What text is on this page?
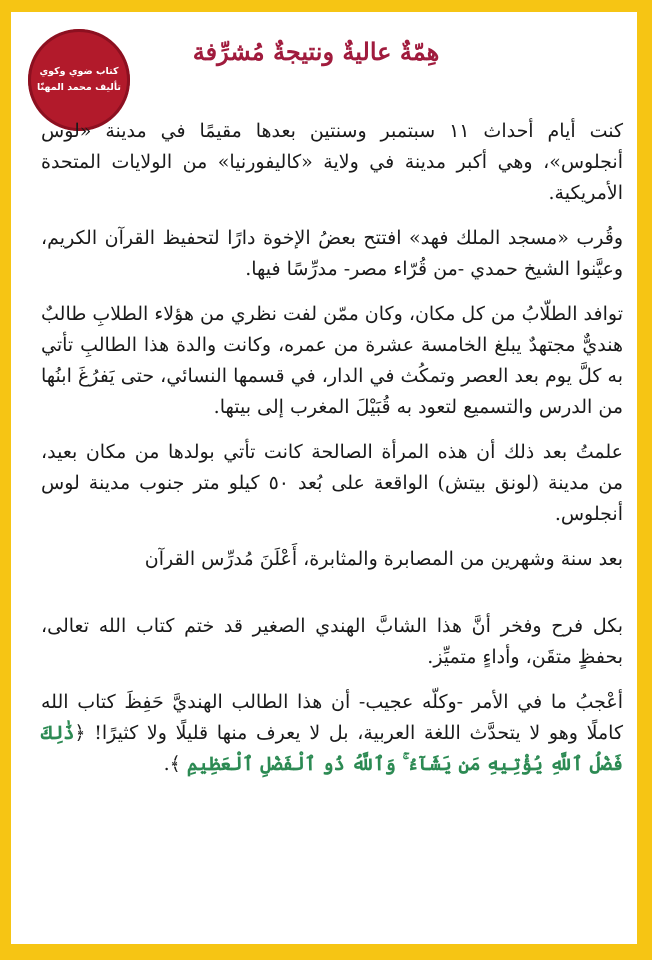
كتاب ضوي وكوي
تأليف محمد المهنّا
هِمّةٌ عاليةٌ ونتيجةٌ مُشرِّفة

كنت أيام أحداث ١١ سبتمبر وسنتين بعدها مقيمًا في مدينة «لوس أنجلوس»، وهي أكبر مدينة في ولاية «كاليفورنيا» من الولايات المتحدة الأمريكية.

وقُرب «مسجد الملك فهد» افتتح بعضُ الإخوة دارًا لتحفيظ القرآن الكريم، وعيَّنوا الشيخ حمدي -من قُرّاء مصر- مدرِّسًا فيها.

توافد الطلّابُ من كل مكان، وكان ممّن لفت نظري من هؤلاء الطلابِ طالبٌ هنديٌّ مجتهدٌ يبلغ الخامسة عشرة من عمره، وكانت والدة هذا الطالبِ تأتي به كلَّ يوم بعد العصر وتمكُث في الدار، في قسمها النسائي، حتى يَفرُغَ ابنُها من الدرس والتسميع لتعود به قُبَيْلَ المغرب إلى بيتها.

علمتُ بعد ذلك أن هذه المرأة الصالحة كانت تأتي بولدها من مكان بعيد، من مدينة (لونق بيتش) الواقعة على بُعد ٥٠ كيلو متر جنوب مدينة لوس أنجلوس.

بعد سنة وشهرين من المصابرة والمثابرة، أَعْلَنَ مُدرِّس القرآن

بكل فرح وفخر أنَّ هذا الشابَّ الهندي الصغير قد ختم كتاب الله تعالى، بحفظٍ متقَن، وأداءٍ متميِّز.

أعْجبُ ما في الأمر -وكلّه عجيب- أن هذا الطالب الهنديَّ حَفِظَ كتاب الله كاملًا وهو لا يتحدَّث اللغة العربية، بل لا يعرف منها قليلًا ولا كثيرًا! ﴿ذَٰلِكَ فَضْلُ ٱللَّهِ يُؤْتِيهِ مَن يَشَآءُ ۚ وَٱللَّهُ ذُو ٱلْفَضْلِ ٱلْعَظِيمِ ﴾.
